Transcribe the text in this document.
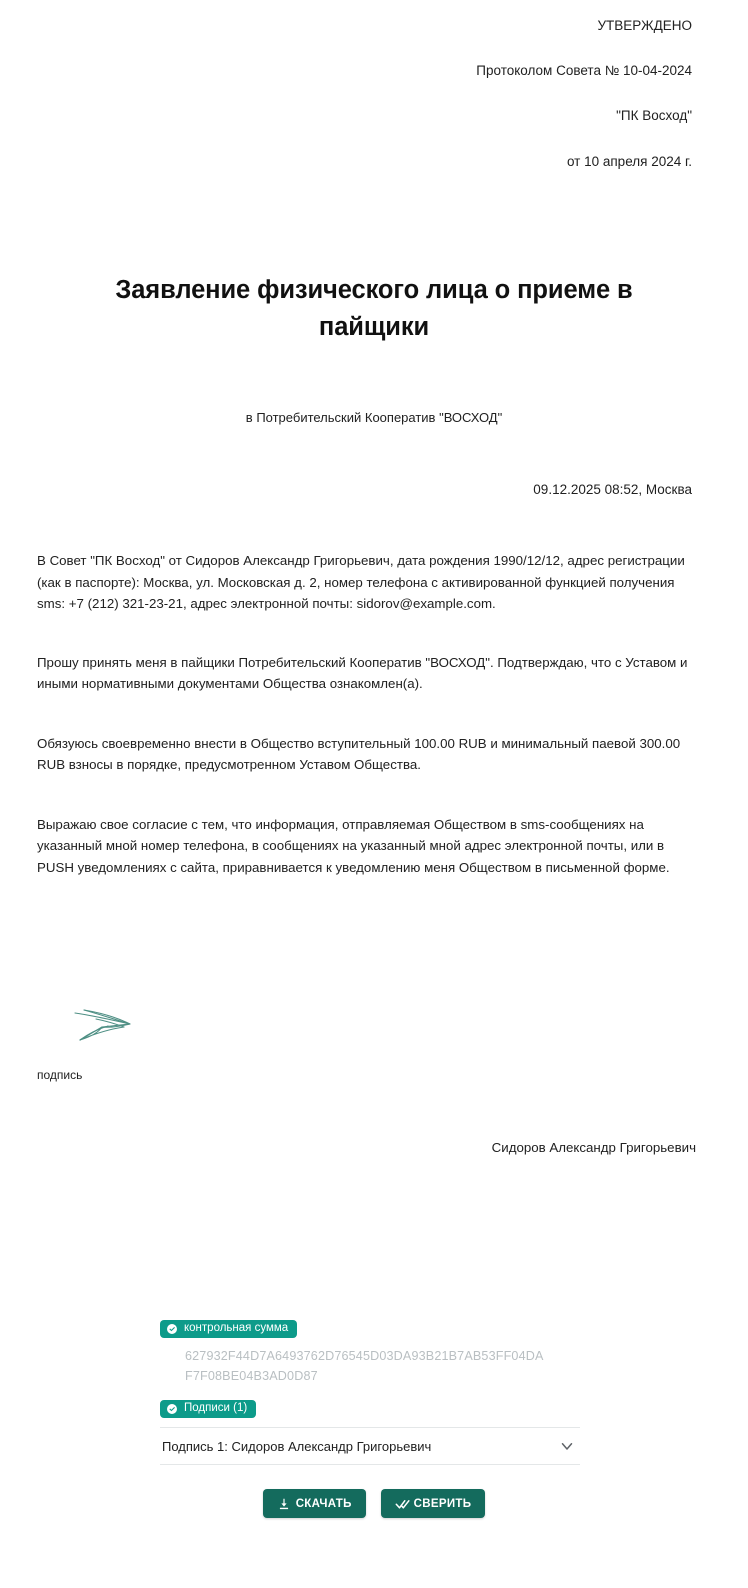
УТВЕРЖДЕНО
Протоколом Совета № 10-04-2024
"ПК Восход"
от 10 апреля 2024 г.
Заявление физического лица о приеме в пайщики
в Потребительский Кооператив "ВОСХОД"
09.12.2025 08:52, Москва

В Совет "ПК Восход" от Сидоров Александр Григорьевич, дата рождения 1990/12/12, адрес регистрации (как в паспорте): Москва, ул. Московская д. 2, номер телефона с активированной функцией получения sms: +7 (212) 321-23-21, адрес электронной почты: sidorov@example.com.

Прошу принять меня в пайщики Потребительский Кооператив "ВОСХОД". Подтверждаю, что с Уставом и иными нормативными документами Общества ознакомлен(а).

Обязуюсь своевременно внести в Общество вступительный 100.00 RUB и минимальный паевой 300.00 RUB взносы в порядке, предусмотренном Уставом Общества.

Выражаю свое согласие с тем, что информация, отправляемая Обществом в sms-сообщениях на указанный мной номер телефона, в сообщениях на указанный мной адрес электронной почты, или в PUSH уведомлениях с сайта, приравнивается к уведомлению меня Обществом в письменной форме.

подпись
Сидоров Александр Григорьевич
контрольная сумма
627932F44D7A6493762D76545D03DA93B21B7AB53FF04DAF7F08BE04B3AD0D87
Подписи (1)
Подпись 1: Сидоров Александр Григорьевич
СКАЧАТЬ	СВЕРИТЬ
